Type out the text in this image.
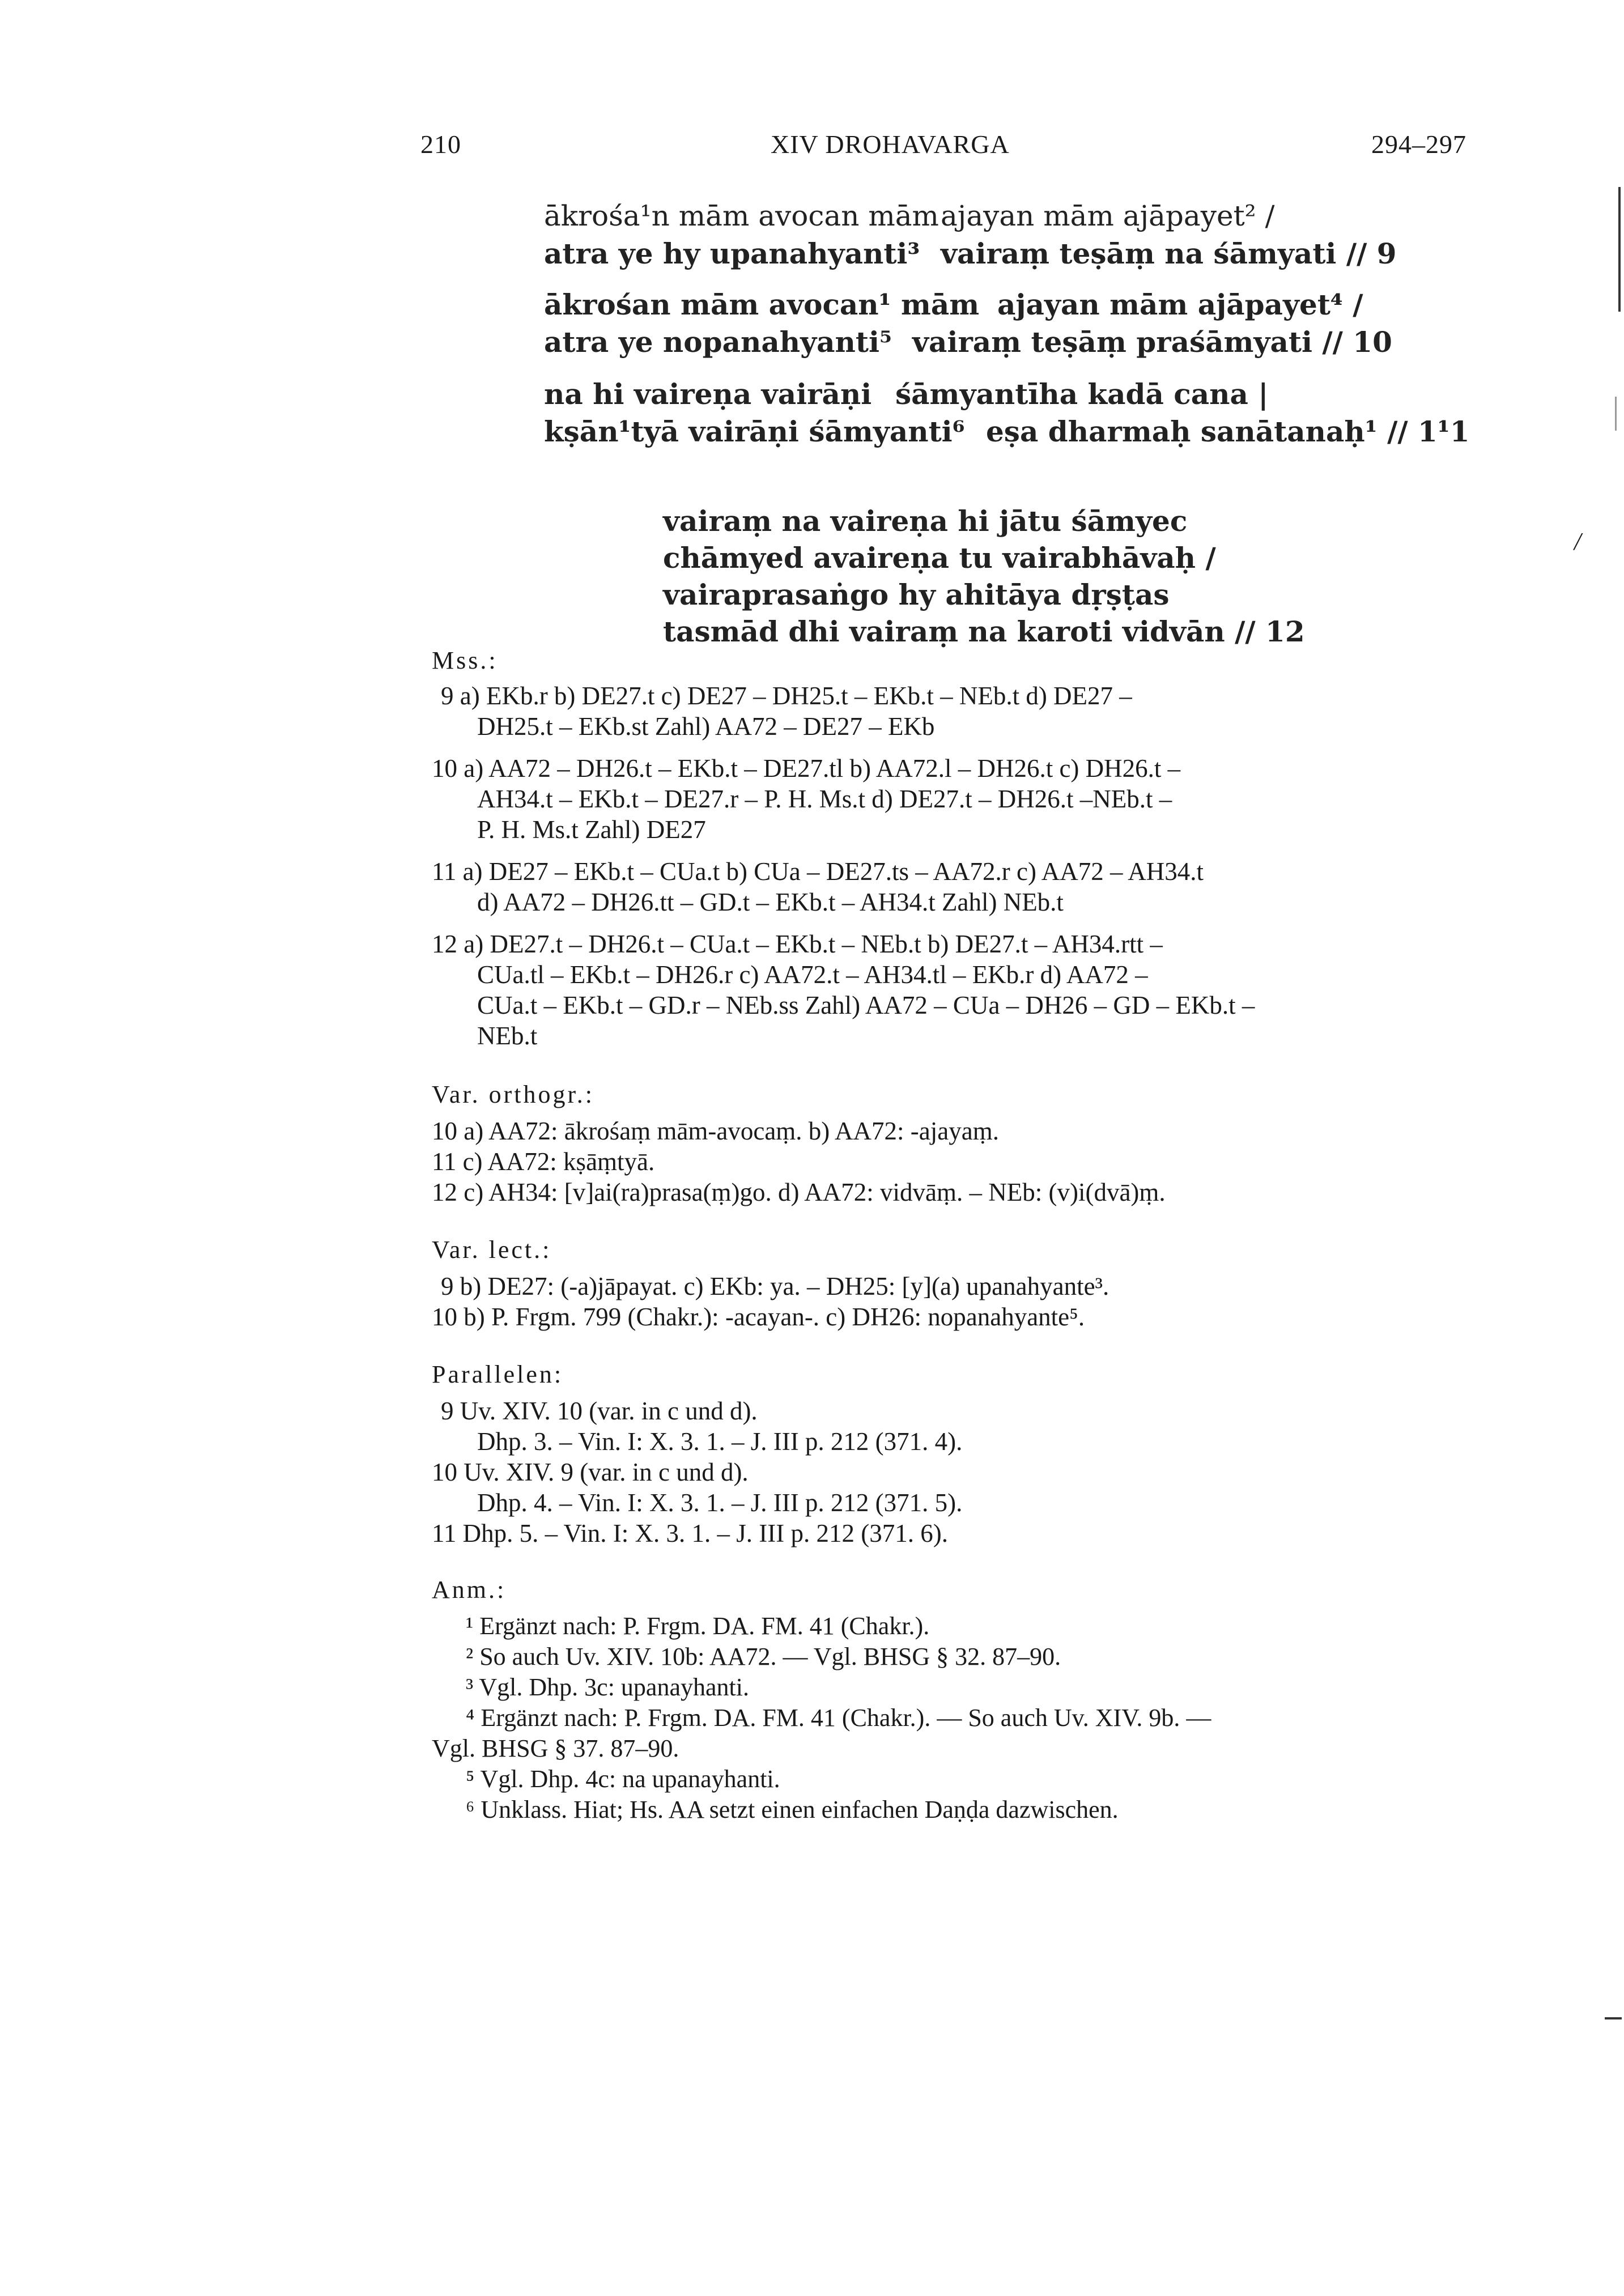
210	XIV DROHAVARGA	294–297
ākrośa¹n mām avocan mām ajayan mām ajāpayet² /
atra ye hy upanahyanti³ vairaṃ teṣāṃ na śāmyati // 9
ākrośan mām avocan¹ mām ajayan mām ajāpayet⁴ /
atra ye nopanahyanti⁵ vairaṃ teṣāṃ praśāmyati // 10
na hi vaireṇa vairāṇi śāmyantīha kadā cana |
kṣān¹tyā vairāṇi śāmyanti⁶ eṣa dharmaḥ sanātanaḥ¹ // 1¹1
vairaṃ na vaireṇa hi jātu śāmyec
chāmyed avaireṇa tu vairabhāvaḥ /
vairaprasaṅgo hy ahitāya dṛṣṭas
tasmād dhi vairaṃ na karoti vidvān // 12
Mss.:
9 a) EKb.r b) DE27.t c) DE27 – DH25.t – EKb.t – NEb.t d) DE27 –
DH25.t – EKb.st Zahl) AA72 – DE27 – EKb
10 a) AA72 – DH26.t – EKb.t – DE27.tl b) AA72.l – DH26.t c) DH26.t –
AH34.t – EKb.t – DE27.r – P. H. Ms.t d) DE27.t – DH26.t –NEb.t –
P. H. Ms.t Zahl) DE27
11 a) DE27 – EKb.t – CUa.t b) CUa – DE27.ts – AA72.r c) AA72 – AH34.t
d) AA72 – DH26.tt – GD.t – EKb.t – AH34.t Zahl) NEb.t
12 a) DE27.t – DH26.t – CUa.t – EKb.t – NEb.t b) DE27.t – AH34.rtt –
CUa.tl – EKb.t – DH26.r c) AA72.t – AH34.tl – EKb.r d) AA72 –
CUa.t – EKb.t – GD.r – NEb.ss Zahl) AA72 – CUa – DH26 – GD – EKb.t –
NEb.t
Var. orthogr.:
10 a) AA72: ākrośaṃ mām-avocaṃ. b) AA72: -ajayaṃ.
11 c) AA72: kṣāṃtyā.
12 c) AH34: [v]ai(ra)prasa(ṃ)go. d) AA72: vidvāṃ. – NEb: (v)i(dvā)ṃ.
Var. lect.:
9 b) DE27: (-a)jāpayat. c) EKb: ya. – DH25: [y](a) upanahyante³.
10 b) P. Frgm. 799 (Chakr.): -acayan-. c) DH26: nopanahyante⁵.
Parallelen:
9 Uv. XIV. 10 (var. in c und d).
Dhp. 3. – Vin. I: X. 3. 1. – J. III p. 212 (371. 4).
10 Uv. XIV. 9 (var. in c und d).
Dhp. 4. – Vin. I: X. 3. 1. – J. III p. 212 (371. 5).
11 Dhp. 5. – Vin. I: X. 3. 1. – J. III p. 212 (371. 6).
Anm.:
¹ Ergänzt nach: P. Frgm. DA. FM. 41 (Chakr.).
² So auch Uv. XIV. 10b: AA72. — Vgl. BHSG § 32. 87–90.
³ Vgl. Dhp. 3c: upanayhanti.
⁴ Ergänzt nach: P. Frgm. DA. FM. 41 (Chakr.). — So auch Uv. XIV. 9b. —
Vgl. BHSG § 37. 87–90.
⁵ Vgl. Dhp. 4c: na upanayhanti.
⁶ Unklass. Hiat; Hs. AA setzt einen einfachen Daṇḍa dazwischen.
/
